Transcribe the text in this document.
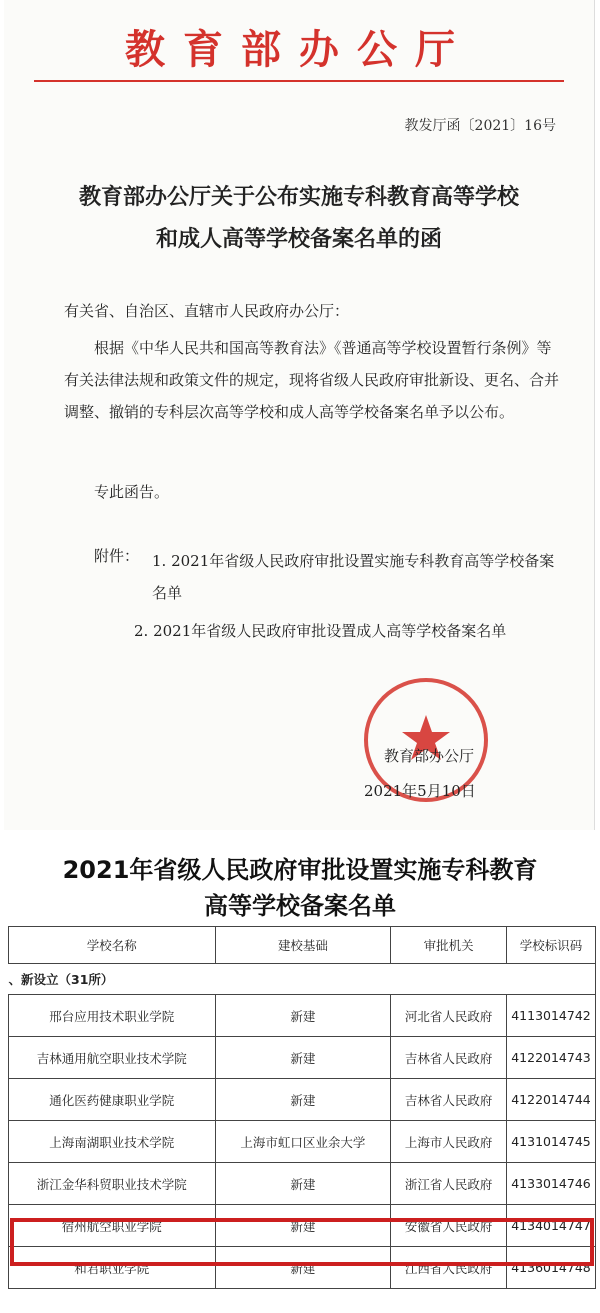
教育部办公厅
教发厅函〔2021〕16号
教育部办公厅关于公布实施专科教育高等学校
和成人高等学校备案名单的函
有关省、自治区、直辖市人民政府办公厅：
根据《中华人民共和国高等教育法》《普通高等学校设置暂行条例》等有关法律法规和政策文件的规定，现将省级人民政府审批新设、更名、合并调整、撤销的专科层次高等学校和成人高等学校备案名单予以公布。
专此函告。
附件： 1. 2021年省级人民政府审批设置实施专科教育高等学校备案名单
2. 2021年省级人民政府审批设置成人高等学校备案名单
教育部办公厅
2021年5月10日
2021年省级人民政府审批设置实施专科教育
高等学校备案名单
学校名称	建校基础	审批机关	学校标识码
、新设立（31所）			
邢台应用技术职业学院	新建	河北省人民政府	4113014742
吉林通用航空职业技术学院	新建	吉林省人民政府	4122014743
通化医药健康职业学院	新建	吉林省人民政府	4122014744
上海南湖职业技术学院	上海市虹口区业余大学	上海市人民政府	4131014745
浙江金华科贸职业技术学院	新建	浙江省人民政府	4133014746
宿州航空职业学院	新建	安徽省人民政府	4134014747
和君职业学院	新建	江西省人民政府	4136014748
